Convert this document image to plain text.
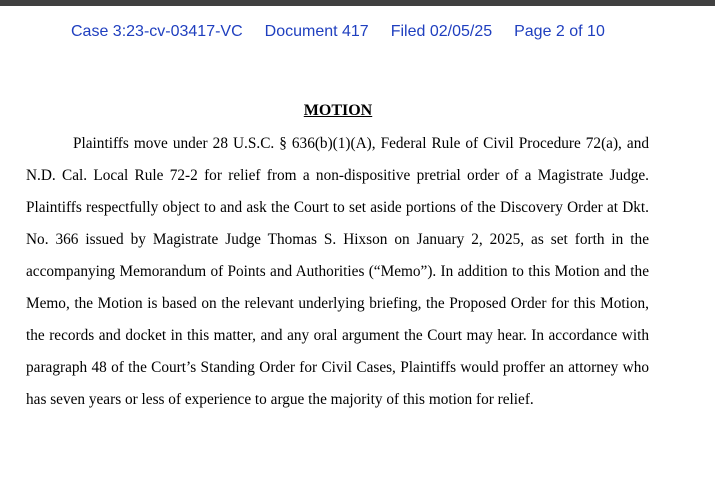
Case 3:23-cv-03417-VC Document 417 Filed 02/05/25 Page 2 of 10
MOTION

Plaintiffs move under 28 U.S.C. § 636(b)(1)(A), Federal Rule of Civil Procedure 72(a), and N.D. Cal. Local Rule 72-2 for relief from a non-dispositive pretrial order of a Magistrate Judge. Plaintiffs respectfully object to and ask the Court to set aside portions of the Discovery Order at Dkt. No. 366 issued by Magistrate Judge Thomas S. Hixson on January 2, 2025, as set forth in the accompanying Memorandum of Points and Authorities (“Memo”). In addition to this Motion and the Memo, the Motion is based on the relevant underlying briefing, the Proposed Order for this Motion, the records and docket in this matter, and any oral argument the Court may hear. In accordance with paragraph 48 of the Court’s Standing Order for Civil Cases, Plaintiffs would proffer an attorney who has seven years or less of experience to argue the majority of this motion for relief.
